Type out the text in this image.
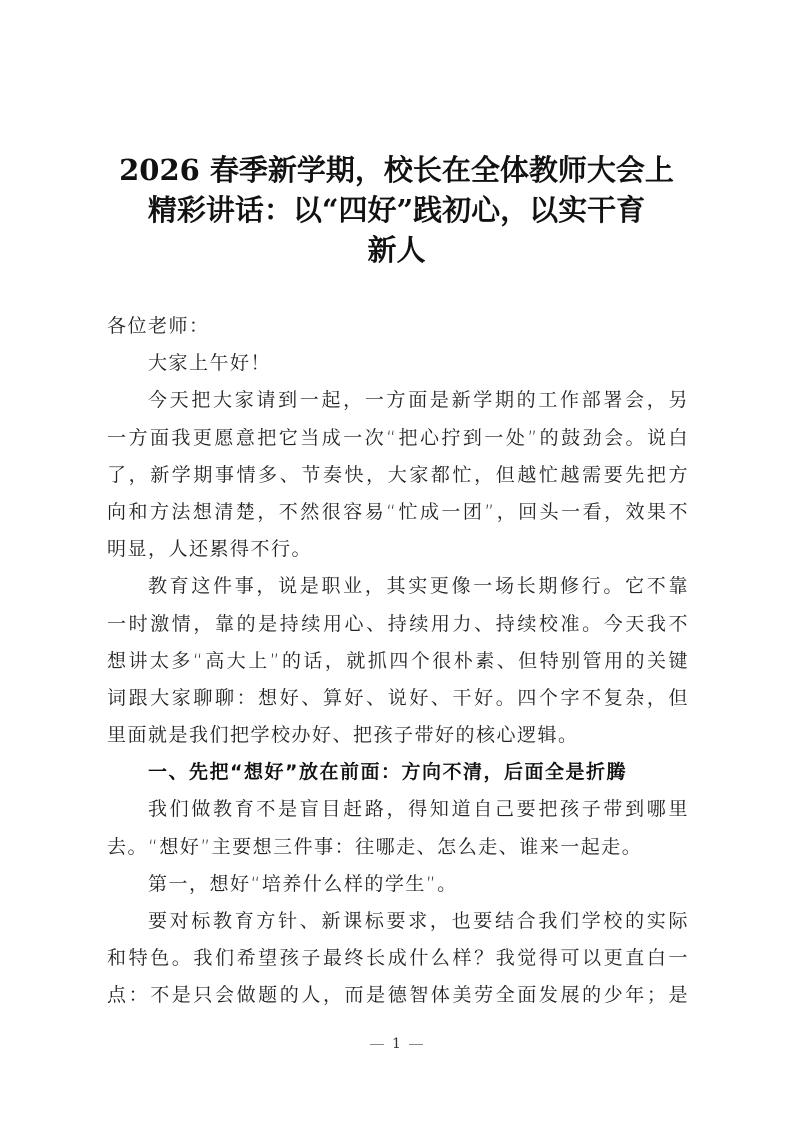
2026 春季新学期，校长在全体教师大会上
精彩讲话：以“四好”践初心，以实干育
新人
各位老师：
大家上午好！
今天把大家请到一起，一方面是新学期的工作部署会，另
一方面我更愿意把它当成一次“把心拧到一处”的鼓劲会。说白
了，新学期事情多、节奏快，大家都忙，但越忙越需要先把方
向和方法想清楚，不然很容易“忙成一团”，回头一看，效果不
明显，人还累得不行。
教育这件事，说是职业，其实更像一场长期修行。它不靠
一时激情，靠的是持续用心、持续用力、持续校准。今天我不
想讲太多“高大上”的话，就抓四个很朴素、但特别管用的关键
词跟大家聊聊：想好、算好、说好、干好。四个字不复杂，但
里面就是我们把学校办好、把孩子带好的核心逻辑。
一、先把“想好”放在前面：方向不清，后面全是折腾
我们做教育不是盲目赶路，得知道自己要把孩子带到哪里
去。“想好”主要想三件事：往哪走、怎么走、谁来一起走。
第一，想好“培养什么样的学生”。
要对标教育方针、新课标要求，也要结合我们学校的实际
和特色。我们希望孩子最终长成什么样？我觉得可以更直白一
点：不是只会做题的人，而是德智体美劳全面发展的少年；是
1
